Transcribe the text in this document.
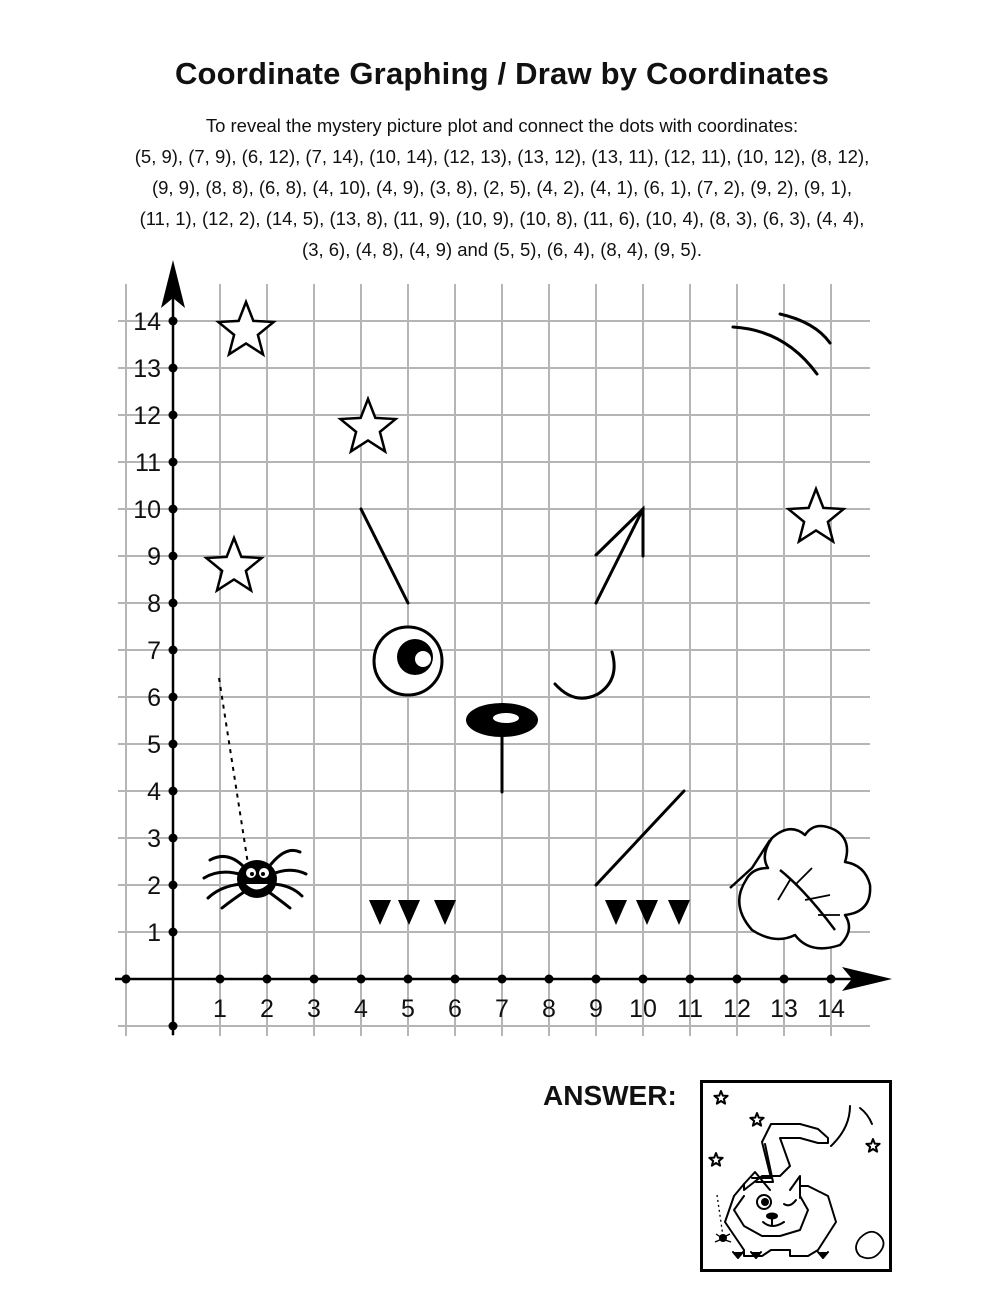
Coordinate Graphing / Draw by Coordinates
To reveal the mystery picture plot and connect the dots with coordinates:
(5, 9), (7, 9), (6, 12), (7, 14), (10, 14), (12, 13), (13, 12), (13, 11), (12, 11), (10, 12), (8, 12),
(9, 9), (8, 8), (6, 8), (4, 10), (4, 9), (3, 8), (2, 5), (4, 2), (4, 1), (6, 1), (7, 2), (9, 2), (9, 1),
(11, 1), (12, 2), (14, 5), (13, 8), (11, 9), (10, 9), (10, 8), (11, 6), (10, 4), (8, 3), (6, 3), (4, 4),
(3, 6), (4, 8), (4, 9) and (5, 5), (6, 4), (8, 4), (9, 5).
1 2 3 4 5 6 7 8 9 10 11 12 13 14
1
2
3
4
5
6
7
8
9
10
11
12
13
14
ANSWER:
